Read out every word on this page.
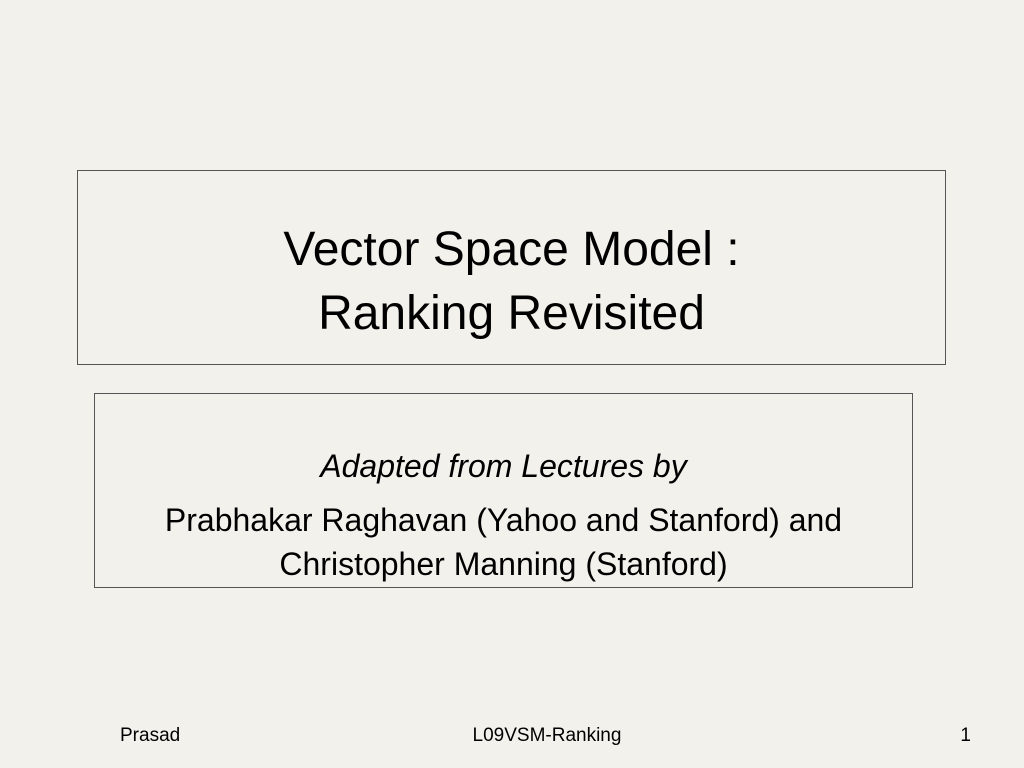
Vector Space Model :
Ranking Revisited
Adapted from Lectures by
Prabhakar Raghavan (Yahoo and Stanford) and
Christopher Manning (Stanford)
Prasad	L09VSM-Ranking	1
